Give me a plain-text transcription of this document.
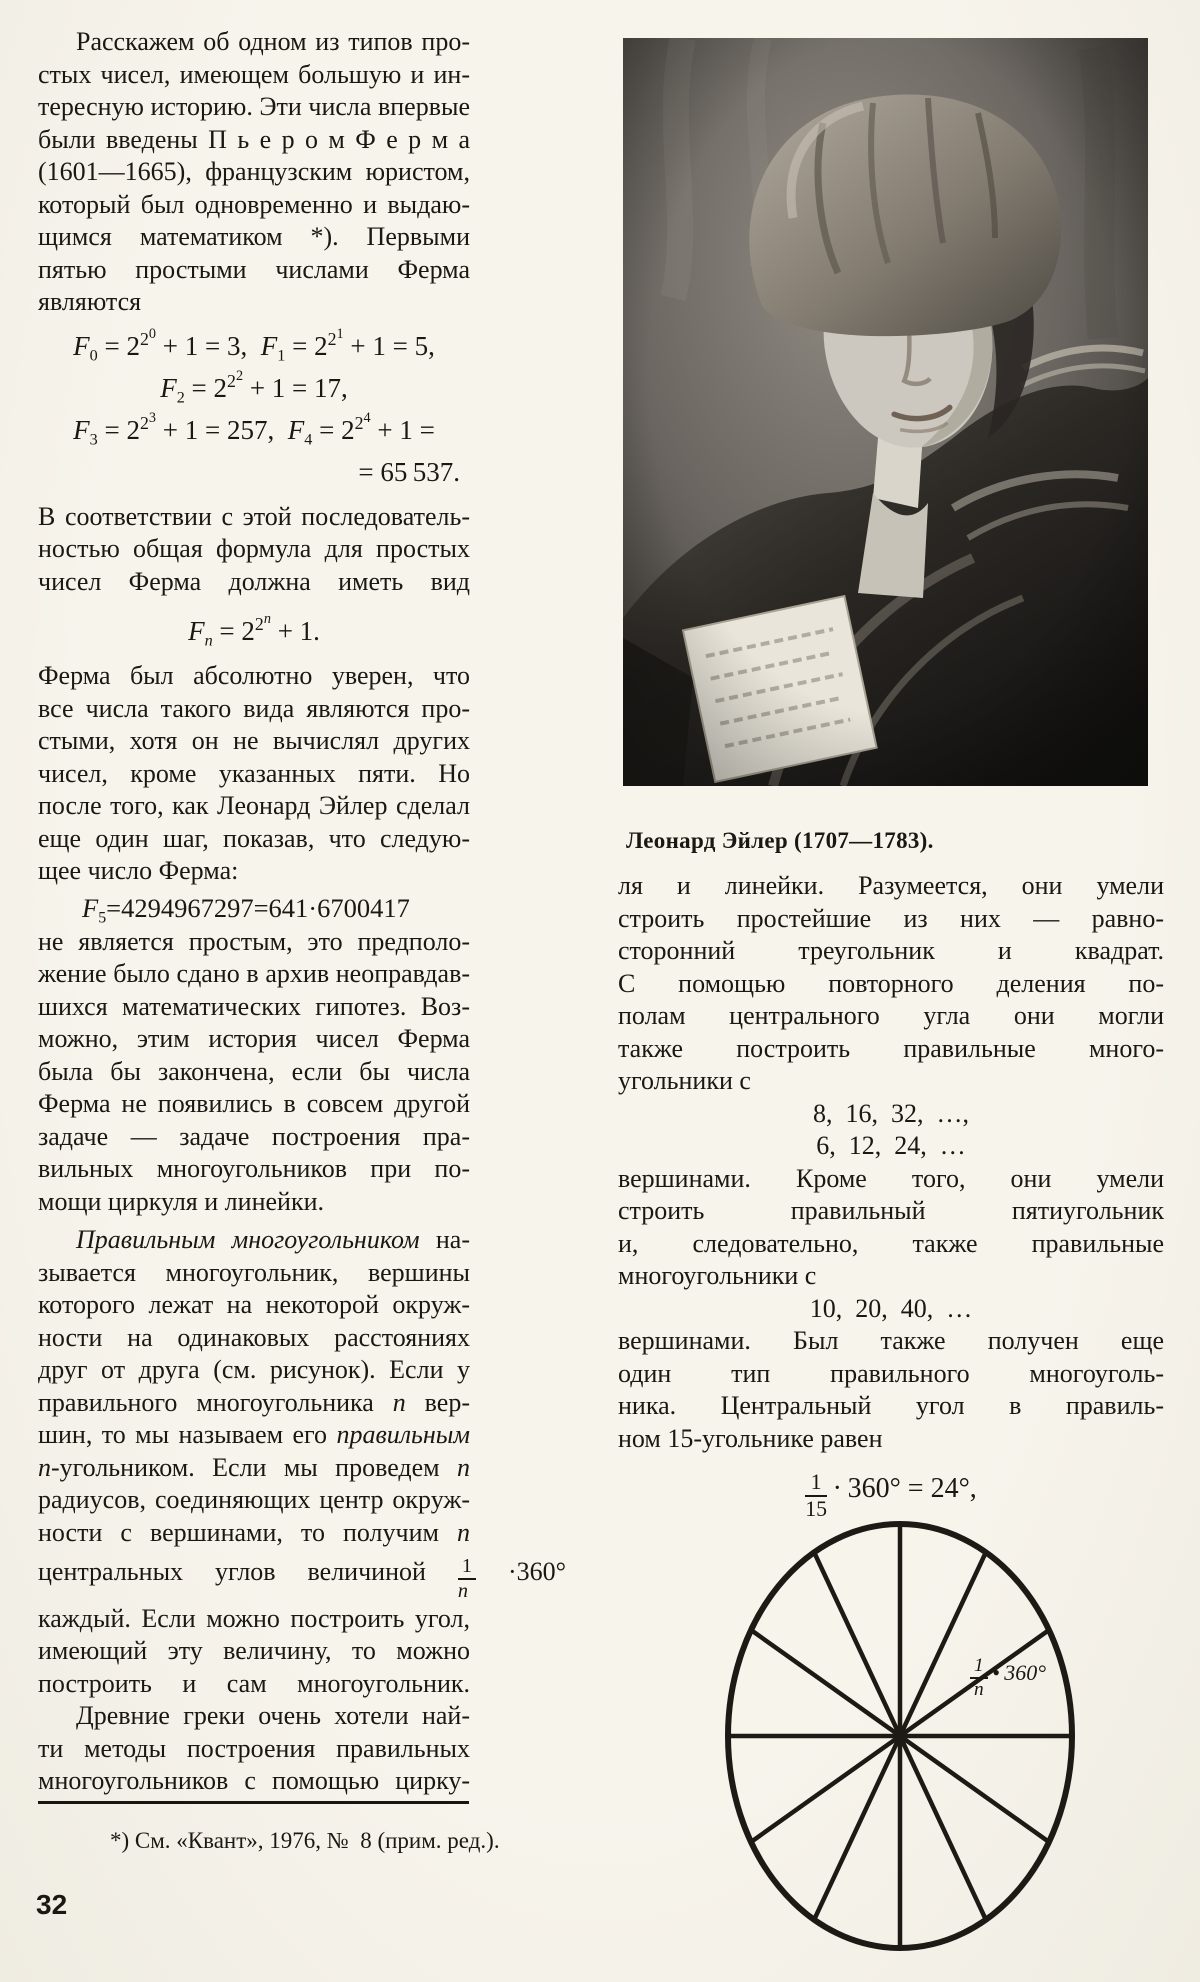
Расскажем об одном из типов про-
стых чисел, имеющем большую и ин-
тересную историю. Эти числа впервые
были введены П ь е р о м Ф е р м а
(1601—1665), французским юристом,
который был одновременно и выдаю-
щимся математиком *). Первыми
пятью простыми числами Ферма
являются
$F_0 = 2^{2^0} + 1 = 3$, $F_1 = 2^{2^1} + 1 = 5$,
$F_2 = 2^{2^2} + 1 = 17$,
$F_3 = 2^{2^3} + 1 = 257$, $F_4 = 2^{2^4} + 1$ =
= 65 537.
В соответствии с этой последователь-
ностью общая формула для простых
чисел Ферма должна иметь вид
$F_n = 2^{2^n} + 1$.
Ферма был абсолютно уверен, что
все числа такого вида являются про-
стыми, хотя он не вычислял других
чисел, кроме указанных пяти. Но
после того, как Леонард Эйлер сделал
еще один шаг, показав, что следую-
щее число Ферма:
$F_5=4294967297=641\cdot 6700417$
не является простым, это предполо-
жение было сдано в архив неоправдав-
шихся математических гипотез. Воз-
можно, этим история чисел Ферма
была бы закончена, если бы числа
Ферма не появились в совсем другой
задаче — задаче построения пра-
вильных многоугольников при по-
мощи циркуля и линейки.
Правильным многоугольником на-
зывается многоугольник, вершины
которого лежат на некоторой окруж-
ности на одинаковых расстояниях
друг от друга (см. рисунок). Если у
правильного многоугольника n вер-
шин, то мы называем его правильным
n-угольником. Если мы проведем n
радиусов, соединяющих центр окруж-
ности с вершинами, то получим n
центральных углов величиной $\frac{1}{n} \cdot 360^\circ$
каждый. Если можно построить угол,
имеющий эту величину, то можно
построить и сам многоугольник.
Древние греки очень хотели най-
ти методы построения правильных
многоугольников с помощью цирку-
Леонард Эйлер (1707—1783).
ля и линейки. Разумеется, они умели
строить простейшие из них — равно-
сторонний треугольник и квадрат.
С помощью повторного деления по-
полам центрального угла они могли
также построить правильные много-
угольники с
8, 16, 32, …,
6, 12, 24, …
вершинами. Кроме того, они умели
строить правильный пятиугольник
и, следовательно, также правильные
многоугольники с
10, 20, 40, …
вершинами. Был также получен еще
один тип правильного многоуголь-
ника. Центральный угол в правиль-
ном 15-угольнике равен
$\frac{1}{15} \cdot 360^\circ = 24^\circ$,
$\frac{1}{n}$  • 360°
*) См. «Квант», 1976, № 8 (прим. ред.).
32
